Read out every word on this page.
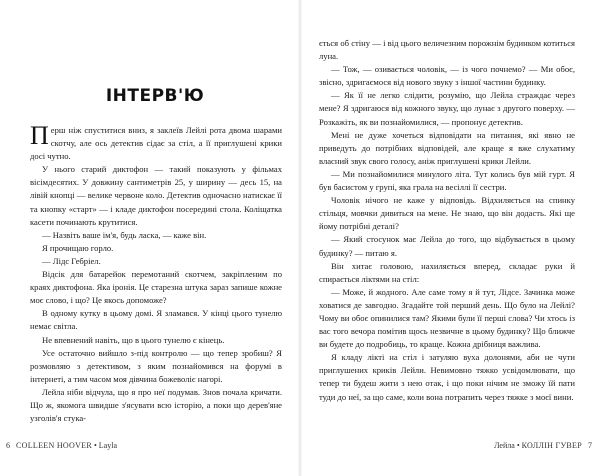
ІНТЕРВ'Ю

Перш ніж спуститися вниз, я заклеїв Лейлі рота двома шарами скотчу, але ось детектив сідає за стіл, а її приглушені крики досі чутно.

У нього старий диктофон — такий показують у фільмах вісімдесятих. У довжину сантиметрів 25, у ширину — десь 15, на лівій кнопці — велике червоне коло. Детектив одночасно натискає її та кнопку «старт» — і кладе диктофон посередині стола. Коліщатка касети починають крутитися.

— Назвіть ваше ім'я, будь ласка, — каже він.

Я прочищаю горло.

— Лідс Гебріел.

Відсік для батарейок перемотаний скотчем, закріпленим по краях диктофона. Яка іронія. Це старезна штука зараз запише кожне моє слово, і що? Це якось допоможе?

В одному кутку в цьому домі. Я зламався. У кінці цього тунелю немає світла.

Не впевнений навіть, що в цього тунелю є кінець.

Усе остаточно вийшло з-під контролю — що тепер зробиш? Я розмовляю з детективом, з яким познайомився на форумі в інтернеті, а тим часом моя дівчина божеволіє нагорі.

Лейла ніби відчула, що я про неї подумав. Знов почала кричати. Що ж, якомога швидше з'ясувати всю історію, а поки що дерев'яне узголів'я стука-

6 COLLEEN HOOVER • Layla

ється об стіну — і від цього величезним порожнім будинком котиться луна.

— Тож, — озивається чоловік, — із чого почнемо? — Ми обоє, звісно, здригаємося від нового звуку з іншої частини будинку.

— Як її не легко слідити, розумію, що Лейла страждає через мене? Я здригаюся від кожного звуку, що лунає з другого поверху. — Розкажіть, як ви познайомилися, — пропонує детектив.

Мені не дуже хочеться відповідати на питання, які явно не приведуть до потрібних відповідей, але краще я вже слухатиму власний звук свого голосу, аніж приглушені крики Лейли.

— Ми познайомилися минулого літа. Тут колись був мій гурт. Я був басистом у групі, яка грала на весіллі її сестри.

Чоловік нічого не каже у відповідь. Відхиляється на спинку стільця, мовчки дивиться на мене. Не знаю, що він додасть. Які ще йому потрібні деталі?

— Який стосунок має Лейла до того, що відбувається в цьому будинку? — питаю я.

Він хитає головою, нахиляється вперед, складає руки й спирається ліктями на стіл:

— Може, й жодного. Але саме тому я й тут, Лідсе. Зачинка може ховатися де завгодно. Згадайте той перший день. Що було на Лейлі? Чому ви обоє опинилися там? Якими були її перші слова? Чи хтось із вас того вечора помітив щось незвичне в цьому будинку? Що ближче ви будете до подробиць, то краще. Кожна дрібниця важлива.

Я кладу лікті на стіл і затуляю вуха долонями, аби не чути приглушених криків Лейли. Невимовно тяжко усвідомлювати, що тепер ти будеш жити з нею отак, і що поки нічим не зможу їй пати туди до неї, за що саме, коли вона потрапить через тяжке з моєї вини.

Лейла • КОЛЛІН ГУВЕР 7
